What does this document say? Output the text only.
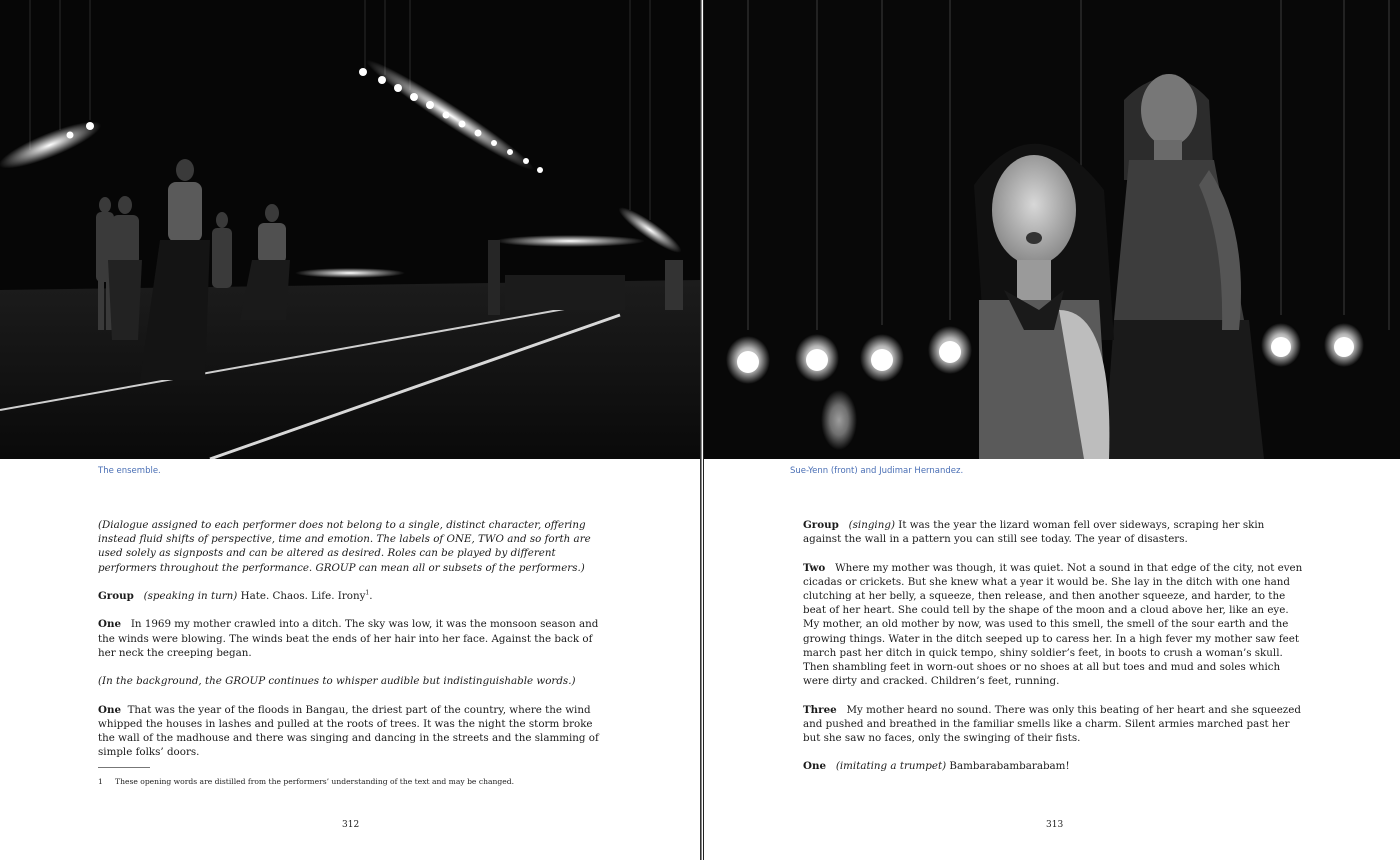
The ensemble.

(Dialogue assigned to each performer does not belong to a single, distinct character, offering instead fluid shifts of perspective, time and emotion. The labels of ONE, TWO and so forth are used solely as signposts and can be altered as desired. Roles can be played by different performers throughout the performance. GROUP can mean all or subsets of the performers.)

Group (speaking in turn) Hate. Chaos. Life. Irony$^1$.

One In 1969 my mother crawled into a ditch. The sky was low, it was the monsoon season and the winds were blowing. The winds beat the ends of her hair into her face. Against the back of her neck the creeping began.

(In the background, the GROUP continues to whisper audible but indistinguishable words.)

One That was the year of the floods in Bangau, the driest part of the country, where the wind whipped the houses in lashes and pulled at the roots of trees. It was the night the storm broke the wall of the madhouse and there was singing and dancing in the streets and the slamming of simple folks’ doors.

1 These opening words are distilled from the performers’ understanding of the text and may be changed.
312
Sue-Yenn (front) and Judimar Hernandez.

Group (singing) It was the year the lizard woman fell over sideways, scraping her skin against the wall in a pattern you can still see today. The year of disasters.

Two Where my mother was though, it was quiet. Not a sound in that edge of the city, not even cicadas or crickets. But she knew what a year it would be. She lay in the ditch with one hand clutching at her belly, a squeeze, then release, and then another squeeze, and harder, to the beat of her heart. She could tell by the shape of the moon and a cloud above her, like an eye. My mother, an old mother by now, was used to this smell, the smell of the sour earth and the growing things. Water in the ditch seeped up to caress her. In a high fever my mother saw feet march past her ditch in quick tempo, shiny soldier’s feet, in boots to crush a woman’s skull. Then shambling feet in worn-out shoes or no shoes at all but toes and mud and soles which were dirty and cracked. Children’s feet, running.

Three My mother heard no sound. There was only this beating of her heart and she squeezed and pushed and breathed in the familiar smells like a charm. Silent armies marched past her but she saw no faces, only the swinging of their fists.

One (imitating a trumpet) Bambarabambarabam!

313
